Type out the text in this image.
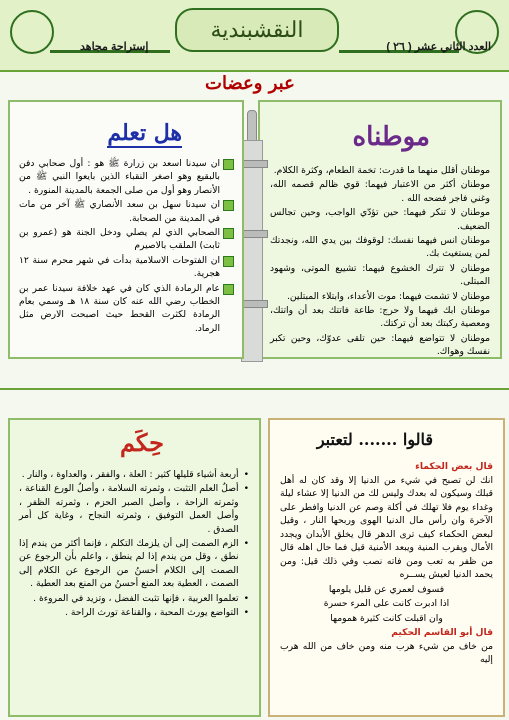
النقشبندية
العدد الثاني عشر ( ٢٦ )
إستراحة مجاهد
عبر وعضات
موطناه

موطنان أقلل منهما ما قدرت: تخمة الطعام، وكثرة الكلام.

موطنان أكثر من الاعتبار فيهما: قوي ظالم قصمه الله، وغني فاجر فضحه الله .

موطنان لا تنكر فيهما: حين تؤدّي الواجب، وحين تجالس الضعيف.

موطنان انس فيهما نفسك: لوقوفك بين يدي الله، ونجدتك لمن يستغيث بك.

موطنان لا تترك الخشوع فيهما: تشييع الموتى، وشهود المبتلى.

موطنان لا تشمت فيهما: موت الأعداء، وابتلاء المبتلين.

موطنان ابك فيهما ولا حرج: طاعة فاتتك بعد أن واتتك، ومعصية ركبتك بعد أن تركتك.

موطنان لا تتواضع فيهما: حين تلقى عدوّك، وحين تكبر نفسك وهواك.

هل تعلم
ان سيدنا اسعد بن زرارة ﷺ هو : أول صحابي دفن بالبقيع وهو اصغر النقباء الذين بايعوا النبي ﷺ من الأنصار وهو أول من صلى الجمعة بالمدينة المنورة .
ان سيدنا سهل بن سعد الأنصاري ﷺ آخر من مات في المدينة من الصحابة.
الصحابي الذي لم يصلي ودخل الجنة هو (عمرو بن ثابت) الملقب بالاصيرم
ان الفتوحات الاسلامية بدأت في شهر محرم سنة ١٢ هجرية.
عام الرمادة الذي كان في عهد خلافة سيدنا عمر بن الخطاب رضي الله عنه كان سنة ١٨ هـ وسمي بعام الرمادة لكثرت القحط حيث اصبحت الارض مثل الرماد.
قالوا ....... لتعتبر
قال بعض الحكماء

انك لن تصبح في شيء من الدنيا إلا وقد كان له أهل قبلك وسيكون له بعدك وليس لك من الدنيا إلا عشاء ليلة وغداء يوم فلا تهلك في أكلة وصم عن الدنيا وافطر على الآخرة وان رأس مال الدنيا الهوى وربحها النار ، وقيل لبعض الحكماء كيف ترى الدهر قال يخلق الأبدان ويجدد الأمال ويقرب المنية ويبعد الأمنية قيل فما حال اهله قال من ظفر به تعب ومن فاته نصب وفي ذلك قيل: ومن يحمد الدنيا لعيش يســره

فسوف لعمري عن قليل يلومها

اذا ادبرت كانت على المرء حسرة

وان اقبلت كانت كثيرة همومها

قال أبو القاسم الحكيم

من خاف من شيء هرب منه ومن خاف من الله هرب إليه

حِكَم
•
أربعة أشياء قليلها كثير : العلة ، والفقر ، والعداوة ، والنار .
•
أصلُ العلم التثبت ، وثمرته السلامة ، وأصلُ الورع القناعة ، وثمرته الراحة ، وأصل الصبر الحزم ، وثمرته الظفر ، وأصل العمل التوفيق ، وثمرته النجاح ، وغاية كل أمر الصدق .
•
الزم الصمت إلى أن يلزمك التكلم ، فإنما أكثر من يندم إذا نطق ، وقل من يندم إذا لم ينطق ، واعلم بأن الرجوع عن الصمت إلى الكلام أحسنُ من الرجوع عن الكلام إلى الصمت ، العطية بعد المنع أحسنُ من المنع بعد العطية .
•
تعلموا العربية ، فإنها تثبت الفضل ، وتزيد في المروءة .
•
التواضع يورث المحبة ، والقناعة تورث الراحة .
